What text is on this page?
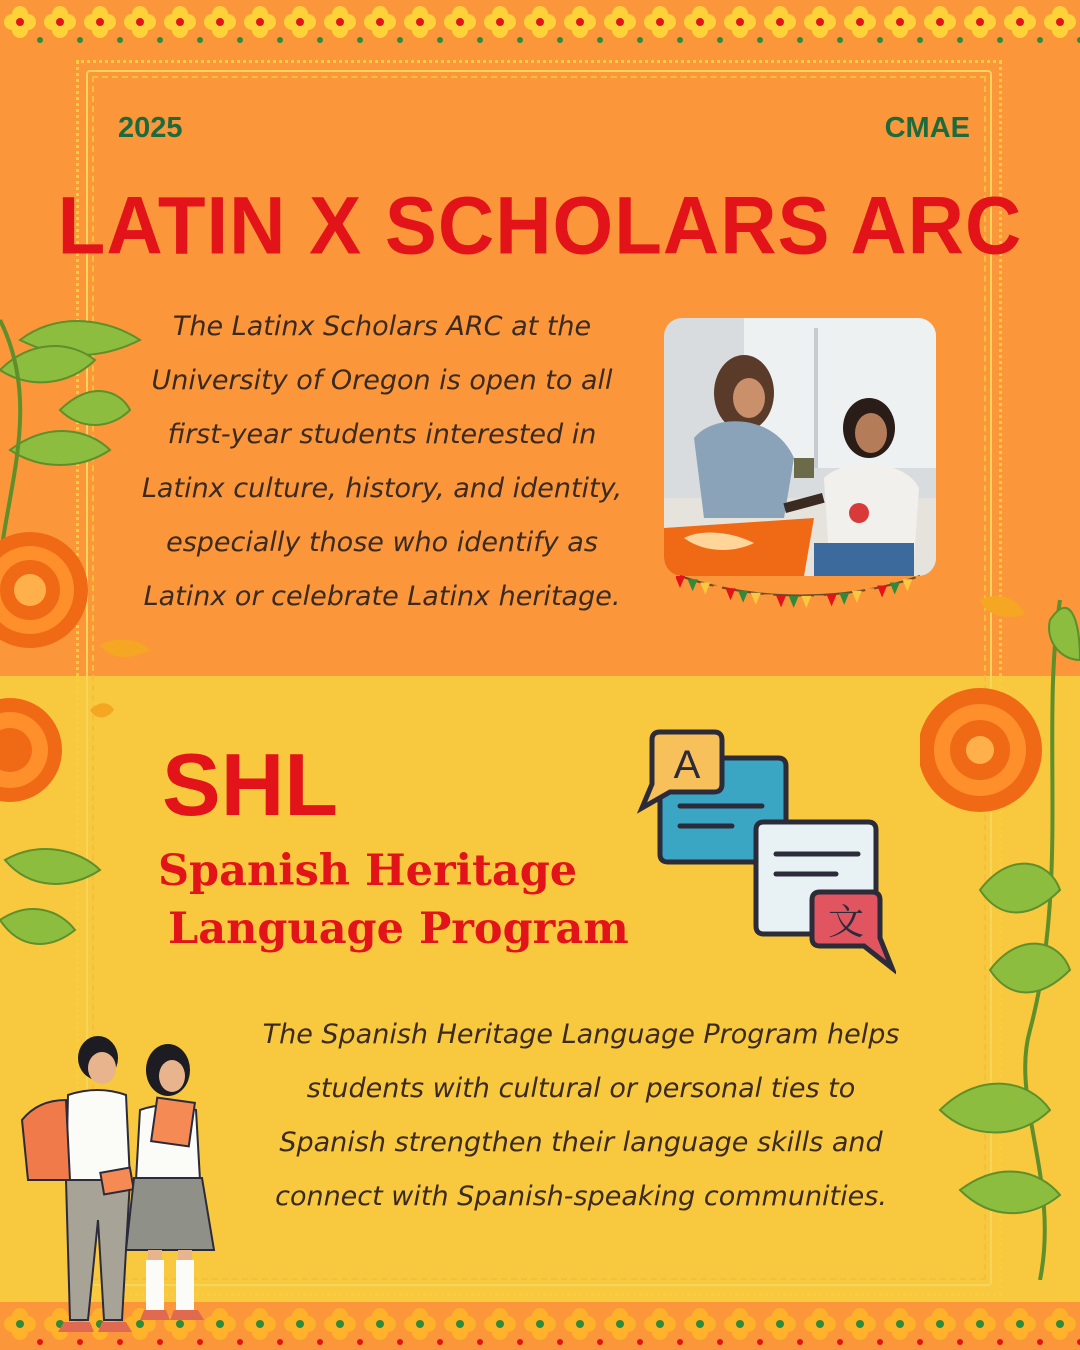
2025	CMAE
LATIN X SCHOLARS ARC
The Latinx Scholars ARC at the
University of Oregon is open to all
first-year students interested in
Latinx culture, history, and identity,
especially those who identify as
Latinx or celebrate Latinx heritage.
SHL
Spanish Heritage
Language Program
A
文
The Spanish Heritage Language Program helps
students with cultural or personal ties to
Spanish strengthen their language skills and
connect with Spanish-speaking communities.
